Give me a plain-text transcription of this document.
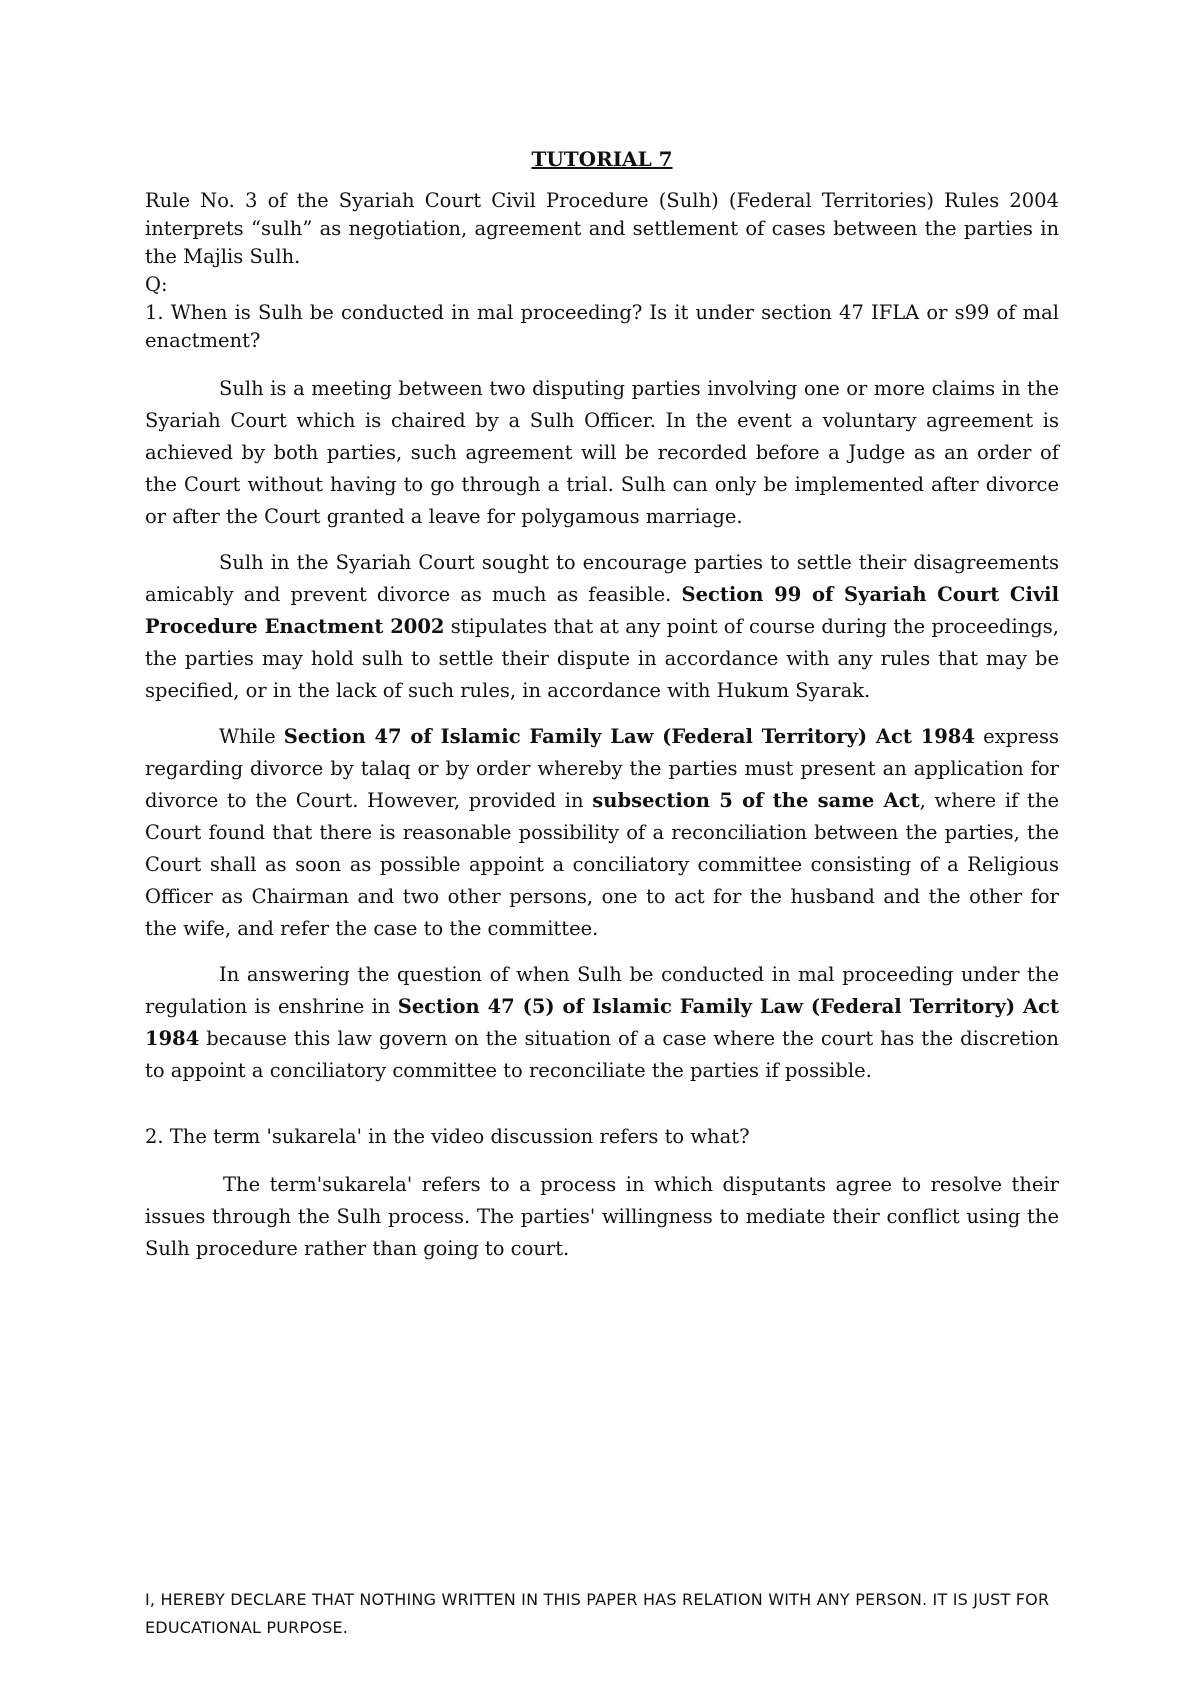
TUTORIAL 7

Rule No. 3 of the Syariah Court Civil Procedure (Sulh) (Federal Territories) Rules 2004 interprets “sulh” as negotiation, agreement and settlement of cases between the parties in the Majlis Sulh.

Q:

1. When is Sulh be conducted in mal proceeding? Is it under section 47 IFLA or s99 of mal enactment?

Sulh is a meeting between two disputing parties involving one or more claims in the Syariah Court which is chaired by a Sulh Officer. In the event a voluntary agreement is achieved by both parties, such agreement will be recorded before a Judge as an order of the Court without having to go through a trial. Sulh can only be implemented after divorce or after the Court granted a leave for polygamous marriage.

Sulh in the Syariah Court sought to encourage parties to settle their disagreements amicably and prevent divorce as much as feasible. Section 99 of Syariah Court Civil Procedure Enactment 2002 stipulates that at any point of course during the proceedings, the parties may hold sulh to settle their dispute in accordance with any rules that may be specified, or in the lack of such rules, in accordance with Hukum Syarak.

While Section 47 of Islamic Family Law (Federal Territory) Act 1984 express regarding divorce by talaq or by order whereby the parties must present an application for divorce to the Court. However, provided in subsection 5 of the same Act, where if the Court found that there is reasonable possibility of a reconciliation between the parties, the Court shall as soon as possible appoint a conciliatory committee consisting of a Religious Officer as Chairman and two other persons, one to act for the husband and the other for the wife, and refer the case to the committee.

In answering the question of when Sulh be conducted in mal proceeding under the regulation is enshrine in Section 47 (5) of Islamic Family Law (Federal Territory) Act 1984 because this law govern on the situation of a case where the court has the discretion to appoint a conciliatory committee to reconciliate the parties if possible.

2. The term 'sukarela' in the video discussion refers to what?

The term'sukarela' refers to a process in which disputants agree to resolve their issues through the Sulh process. The parties' willingness to mediate their conflict using the Sulh procedure rather than going to court.

I, HEREBY DECLARE THAT NOTHING WRITTEN IN THIS PAPER HAS RELATION WITH ANY PERSON. IT IS JUST FOR EDUCATIONAL PURPOSE.
